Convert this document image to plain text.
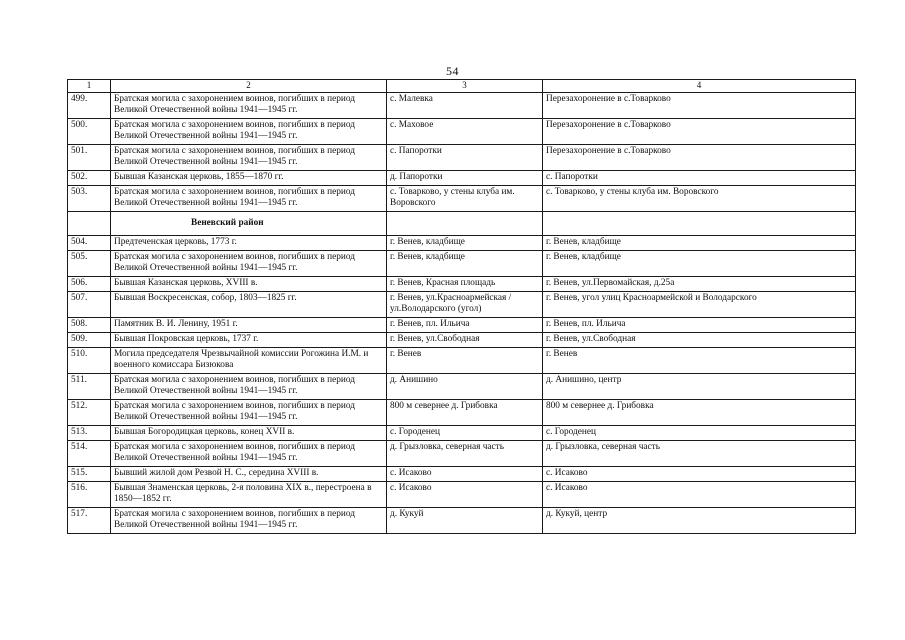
54
1	2	3	4
499.	Братская могила с захоронением воинов, погибших в период Великой Отечественной войны 1941—1945 гг.	с. Малевка	Перезахоронение в с.Товарково
500.	Братская могила с захоронением воинов, погибших в период Великой Отечественной войны 1941—1945 гг.	с. Маховое	Перезахоронение в с.Товарково
501.	Братская могила с захоронением воинов, погибших в период Великой Отечественной войны 1941—1945 гг.	с. Папоротки	Перезахоронение в с.Товарково
502.	Бывшая Казанская церковь, 1855—1870 гг.	д. Папоротки	с. Папоротки
503.	Братская могила с захоронением воинов, погибших в период Великой Отечественной войны 1941—1945 гг.	с. Товарково, у стены клуба им. Воровского	с. Товарково, у стены клуба им. Воровского
	Веневский район		
504.	Предтеченская церковь, 1773 г.	г. Венев, кладбище	г. Венев, кладбище
505.	Братская могила с захоронением воинов, погибших в период Великой Отечественной войны 1941—1945 гг.	г. Венев, кладбище	г. Венев, кладбище
506.	Бывшая Казанская церковь, XVIII в.	г. Венев, Красная площадь	г. Венев, ул.Первомайская, д.25а
507.	Бывшая Воскресенская, собор, 1803—1825 гг.	г. Венев, ул.Красноармейская / ул.Володарского (угол)	г. Венев, угол улиц Красноармейской и Володарского
508.	Памятник В. И. Ленину, 1951 г.	г. Венев, пл. Ильича	г. Венев, пл. Ильича
509.	Бывшая Покровская церковь, 1737 г.	г. Венев, ул.Свободная	г. Венев, ул.Свободная
510.	Могила председателя Чрезвычайной комиссии Рогожина И.М. и военного комиссара Бизюкова	г. Венев	г. Венев
511.	Братская могила с захоронением воинов, погибших в период Великой Отечественной войны 1941—1945 гг.	д. Анишино	д. Анишино, центр
512.	Братская могила с захоронением воинов, погибших в период Великой Отечественной войны 1941—1945 гг.	800 м севернее д. Грибовка	800 м севернее д. Грибовка
513.	Бывшая Богородицкая церковь, конец XVII в.	с. Городенец	с. Городенец
514.	Братская могила с захоронением воинов, погибших в период Великой Отечественной войны 1941—1945 гг.	д. Грызловка, северная часть	д. Грызловка, северная часть
515.	Бывший жилой дом Резвой Н. С., середина XVIII в.	с. Исаково	с. Исаково
516.	Бывшая Знаменская церковь, 2-я половина XIX в., перестроена в 1850—1852 гг.	с. Исаково	с. Исаково
517.	Братская могила с захоронением воинов, погибших в период Великой Отечественной войны 1941—1945 гг.	д. Кукуй	д. Кукуй, центр
